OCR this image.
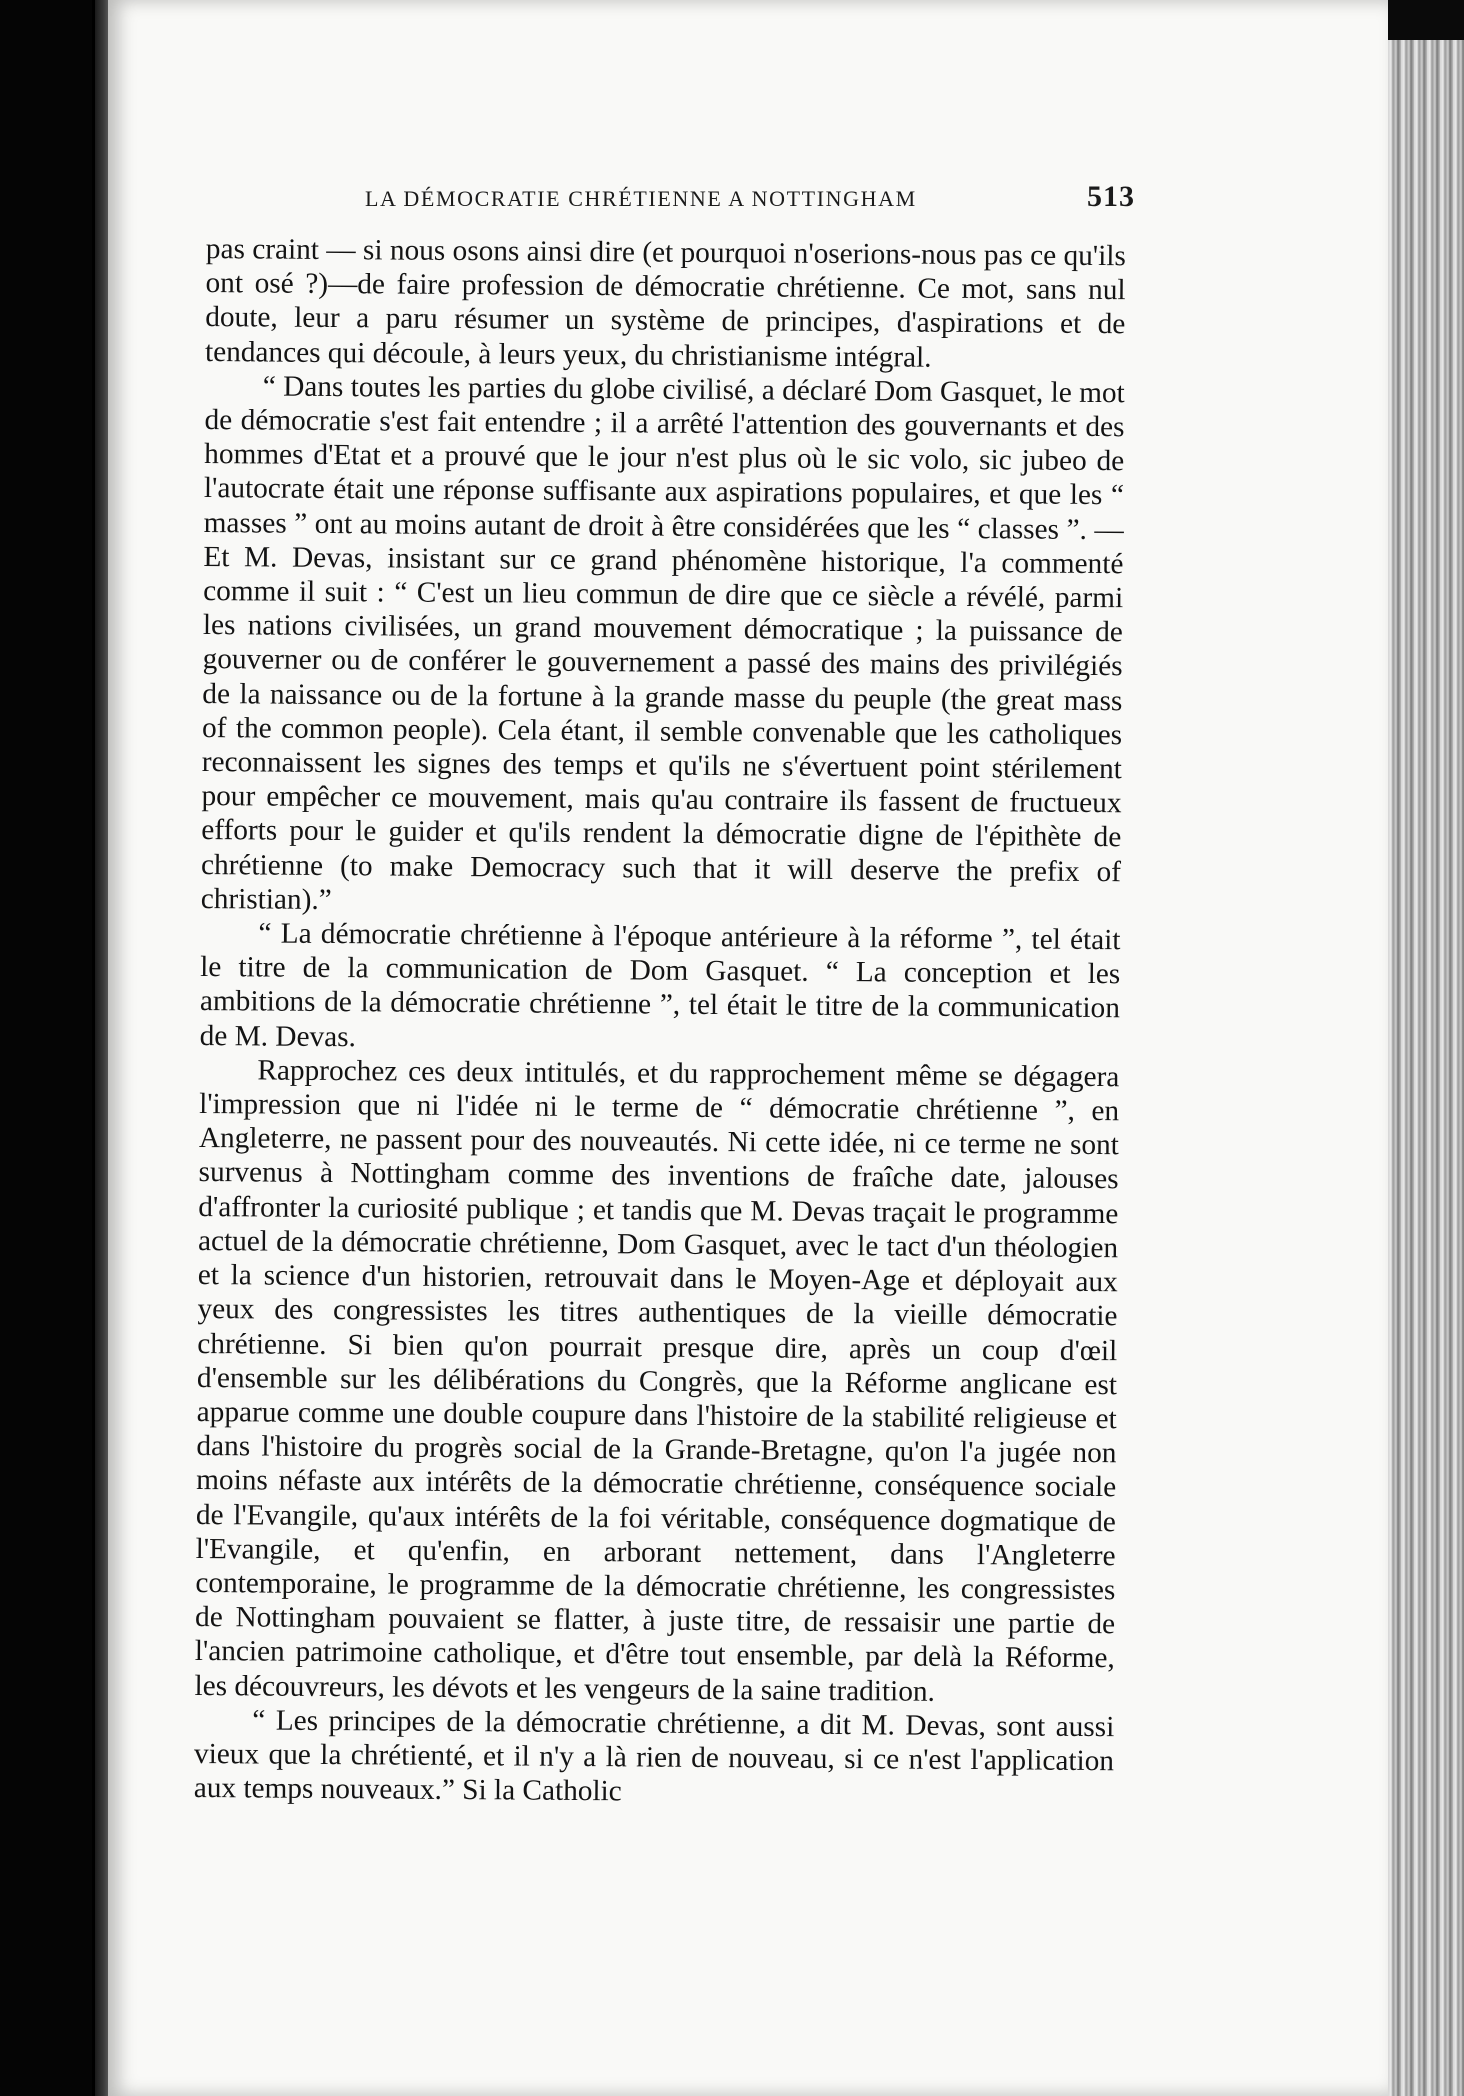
LA DÉMOCRATIE CHRÉTIENNE A NOTTINGHAM	513

pas craint — si nous osons ainsi dire (et pourquoi n'oserions-nous pas ce qu'ils ont osé ?)—de faire profession de démocratie chrétienne. Ce mot, sans nul doute, leur a paru résumer un système de principes, d'aspirations et de tendances qui découle, à leurs yeux, du christianisme intégral.

“ Dans toutes les parties du globe civilisé, a déclaré Dom Gasquet, le mot de démocratie s'est fait entendre ; il a arrêté l'attention des gouvernants et des hommes d'Etat et a prouvé que le jour n'est plus où le sic volo, sic jubeo de l'autocrate était une réponse suffisante aux aspirations populaires, et que les “ masses ” ont au moins autant de droit à être considérées que les “ classes ”. — Et M. Devas, insistant sur ce grand phénomène historique, l'a commenté comme il suit : “ C'est un lieu commun de dire que ce siècle a révélé, parmi les nations civilisées, un grand mouvement démocratique ; la puissance de gouverner ou de conférer le gouvernement a passé des mains des privilégiés de la naissance ou de la fortune à la grande masse du peuple (the great mass of the common people). Cela étant, il semble convenable que les catholiques reconnaissent les signes des temps et qu'ils ne s'évertuent point stérilement pour empêcher ce mouvement, mais qu'au contraire ils fassent de fructueux efforts pour le guider et qu'ils rendent la démocratie digne de l'épithète de chrétienne (to make Democracy such that it will deserve the prefix of christian).”

“ La démocratie chrétienne à l'époque antérieure à la réforme ”, tel était le titre de la communication de Dom Gasquet. “ La conception et les ambitions de la démocratie chrétienne ”, tel était le titre de la communication de M. Devas.

Rapprochez ces deux intitulés, et du rapprochement même se dégagera l'impression que ni l'idée ni le terme de “ démocratie chrétienne ”, en Angleterre, ne passent pour des nouveautés. Ni cette idée, ni ce terme ne sont survenus à Nottingham comme des inventions de fraîche date, jalouses d'affronter la curiosité publique ; et tandis que M. Devas traçait le programme actuel de la démocratie chrétienne, Dom Gasquet, avec le tact d'un théologien et la science d'un historien, retrouvait dans le Moyen-Age et déployait aux yeux des congressistes les titres authentiques de la vieille démocratie chrétienne. Si bien qu'on pourrait presque dire, après un coup d'œil d'ensemble sur les délibérations du Congrès, que la Réforme anglicane est apparue comme une double coupure dans l'histoire de la stabilité religieuse et dans l'histoire du progrès social de la Grande-Bretagne, qu'on l'a jugée non moins néfaste aux intérêts de la démocratie chrétienne, conséquence sociale de l'Evangile, qu'aux intérêts de la foi véritable, conséquence dogmatique de l'Evangile, et qu'enfin, en arborant nettement, dans l'Angleterre contemporaine, le programme de la démocratie chrétienne, les congressistes de Nottingham pouvaient se flatter, à juste titre, de ressaisir une partie de l'ancien patrimoine catholique, et d'être tout ensemble, par delà la Réforme, les découvreurs, les dévots et les vengeurs de la saine tradition.

“ Les principes de la démocratie chrétienne, a dit M. Devas, sont aussi vieux que la chrétienté, et il n'y a là rien de nouveau, si ce n'est l'application aux temps nouveaux.” Si la Catholic
